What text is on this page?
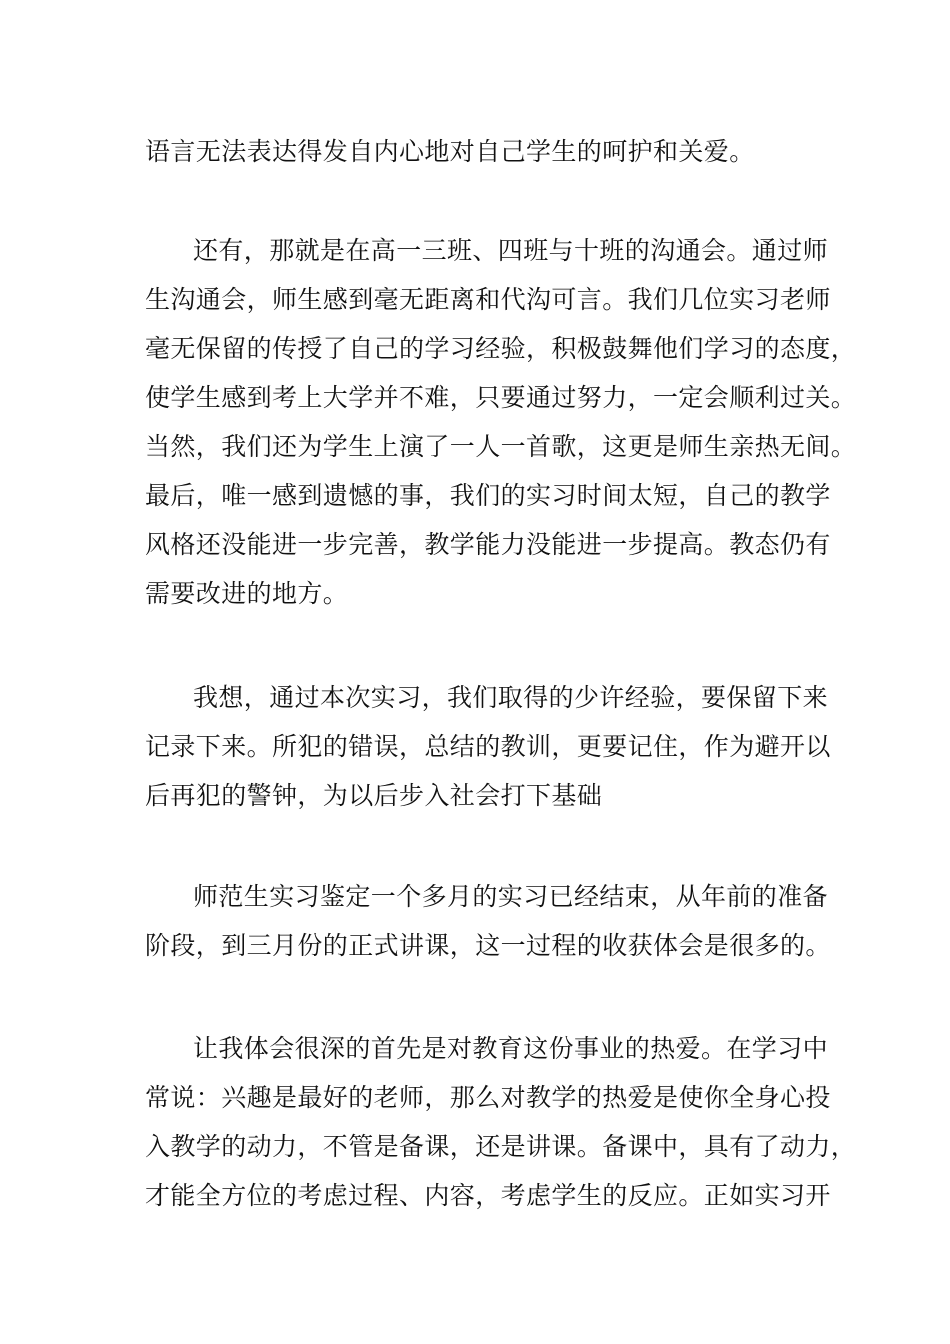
语言无法表达得发自内心地对自己学生的呵护和关爱。
还有，那就是在高一三班、四班与十班的沟通会。通过师
生沟通会，师生感到毫无距离和代沟可言。我们几位实习老师
毫无保留的传授了自己的学习经验，积极鼓舞他们学习的态度，
使学生感到考上大学并不难，只要通过努力，一定会顺利过关。
当然，我们还为学生上演了一人一首歌，这更是师生亲热无间。
最后，唯一感到遗憾的事，我们的实习时间太短，自己的教学
风格还没能进一步完善，教学能力没能进一步提高。教态仍有
需要改进的地方。
我想，通过本次实习，我们取得的少许经验，要保留下来
记录下来。所犯的错误，总结的教训，更要记住，作为避开以
后再犯的警钟，为以后步入社会打下基础
师范生实习鉴定一个多月的实习已经结束，从年前的准备
阶段，到三月份的正式讲课，这一过程的收获体会是很多的。
让我体会很深的首先是对教育这份事业的热爱。在学习中
常说：兴趣是最好的老师，那么对教学的热爱是使你全身心投
入教学的动力，不管是备课，还是讲课。备课中，具有了动力，
才能全方位的考虑过程、内容，考虑学生的反应。正如实习开
